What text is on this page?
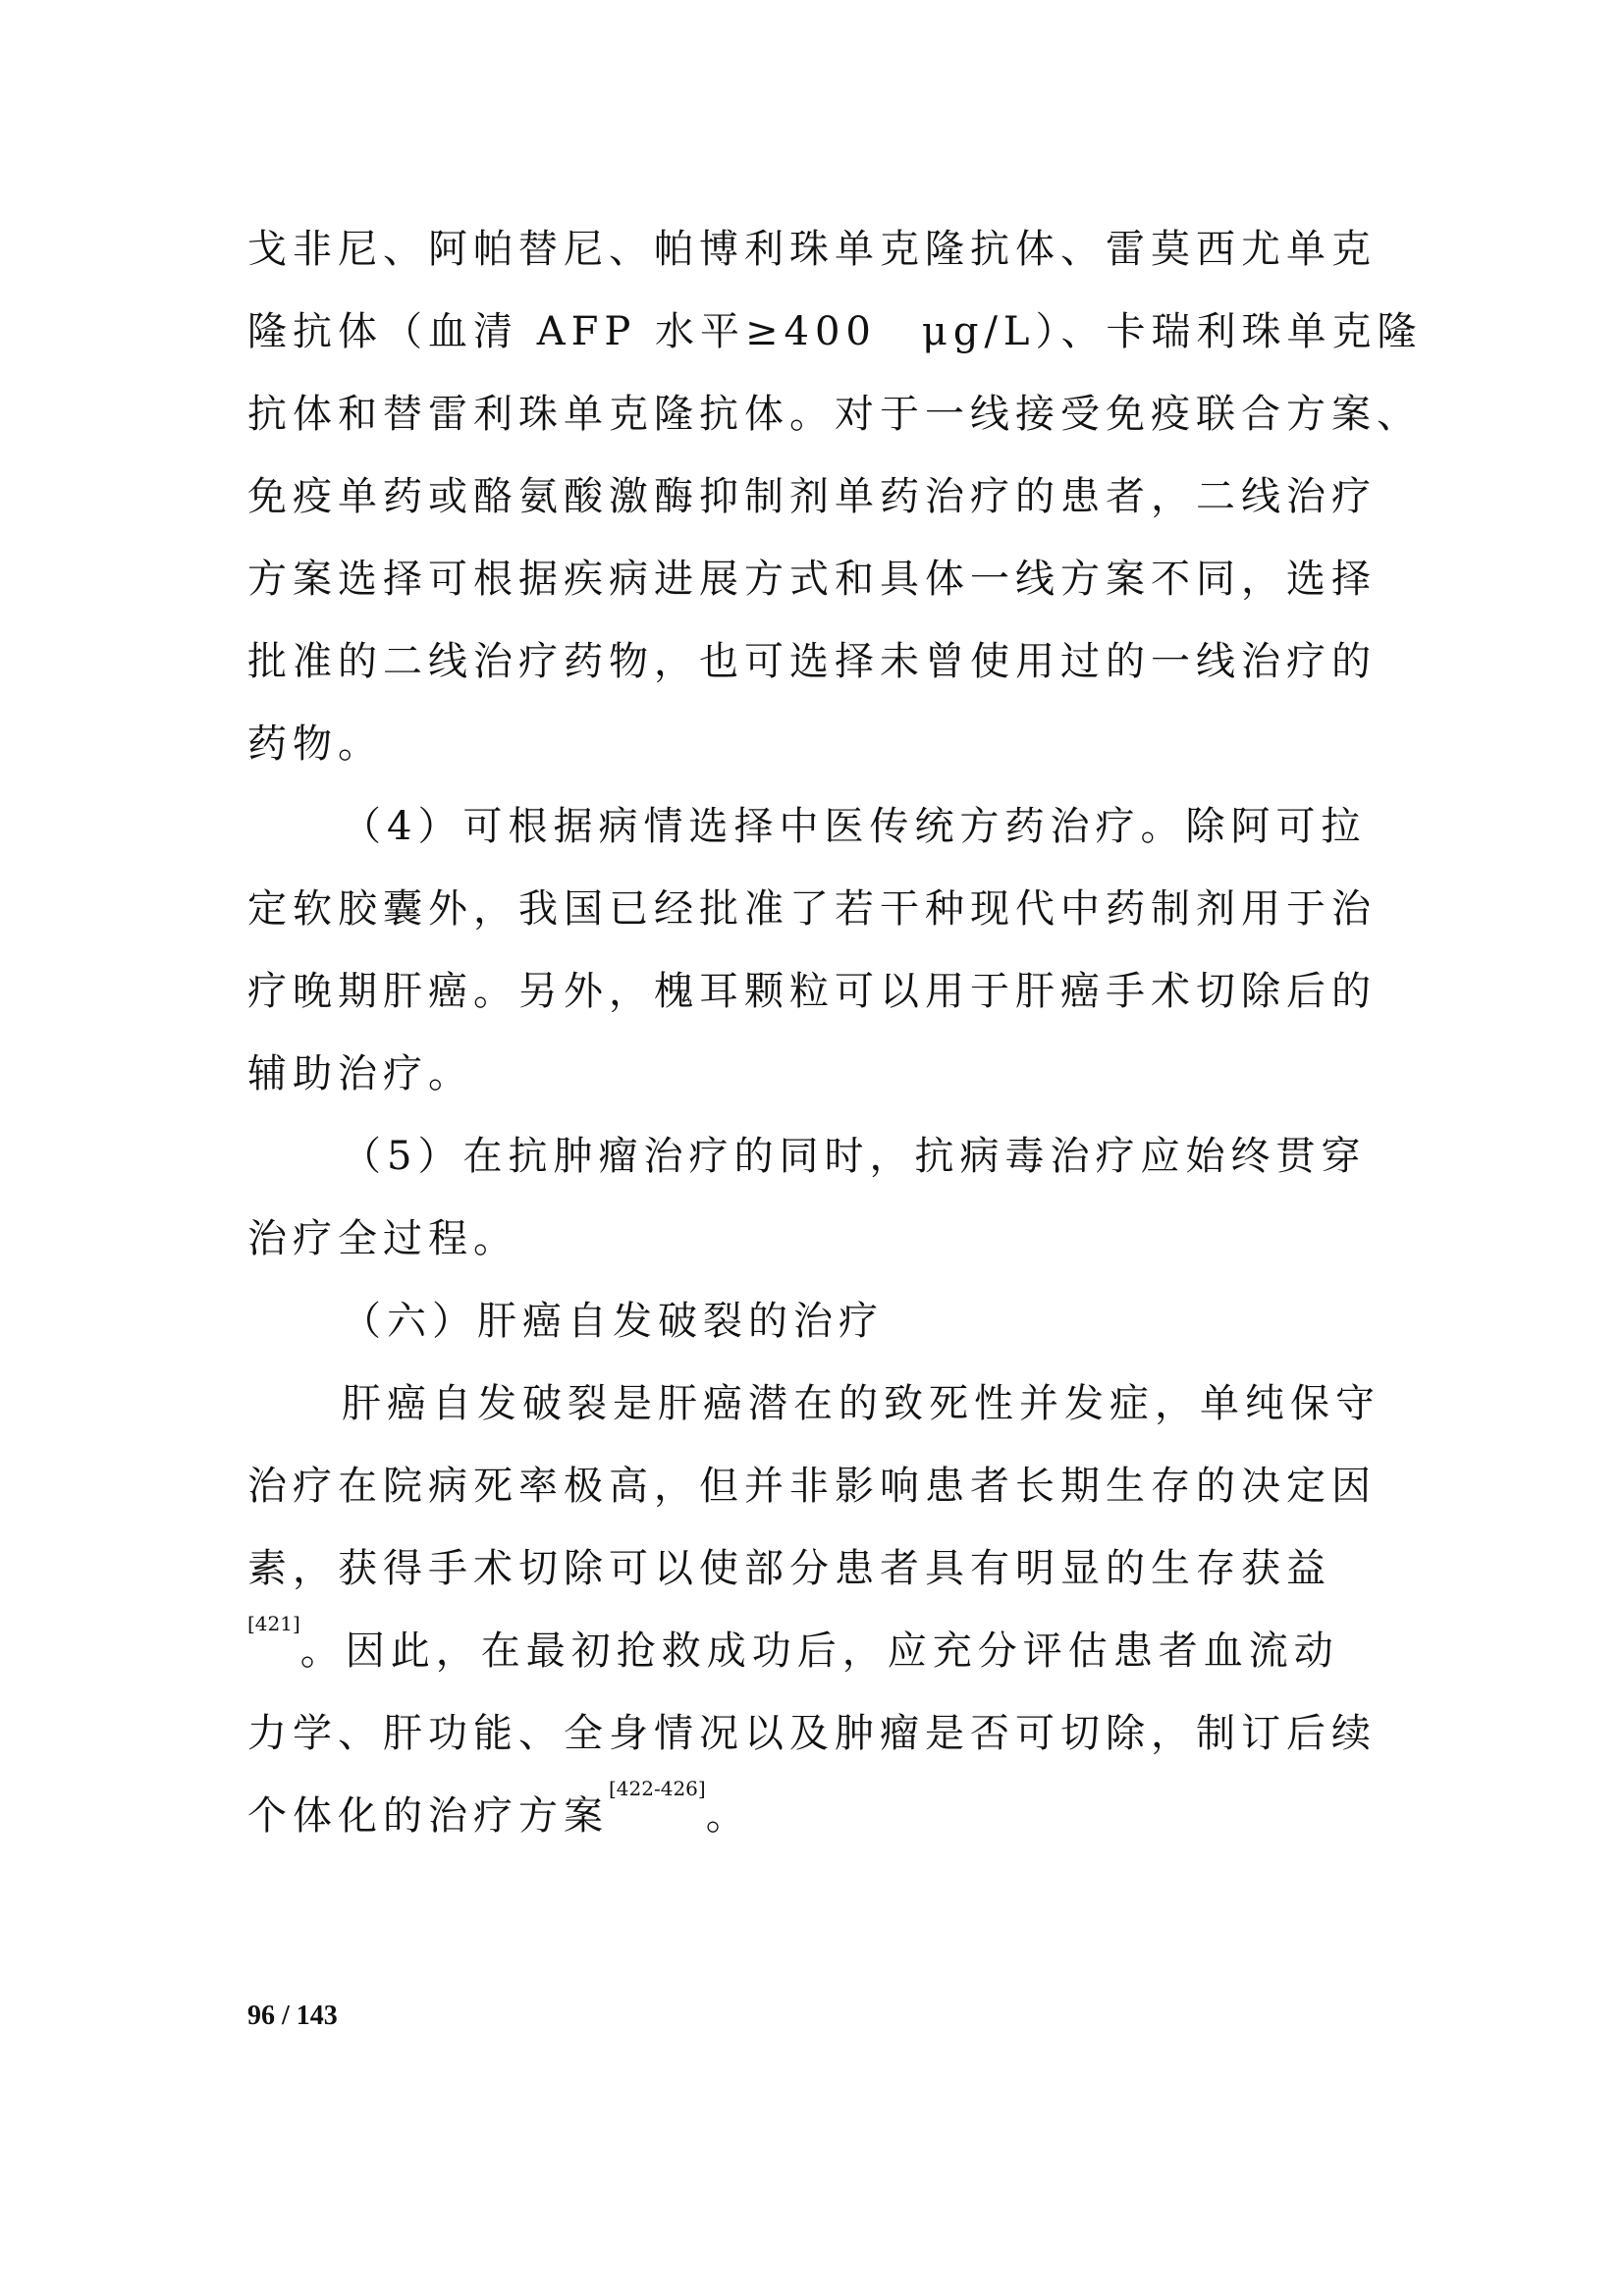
戈非尼、阿帕替尼、帕博利珠单克隆抗体、雷莫西尤单克
隆抗体（血清 AFP 水平≥400　μg/L）、卡瑞利珠单克隆
抗体和替雷利珠单克隆抗体。对于一线接受免疫联合方案、
免疫单药或酪氨酸激酶抑制剂单药治疗的患者，二线治疗
方案选择可根据疾病进展方式和具体一线方案不同，选择
批准的二线治疗药物，也可选择未曾使用过的一线治疗的
药物。
（4）可根据病情选择中医传统方药治疗。除阿可拉
定软胶囊外，我国已经批准了若干种现代中药制剂用于治
疗晚期肝癌。另外，槐耳颗粒可以用于肝癌手术切除后的
辅助治疗。
（5）在抗肿瘤治疗的同时，抗病毒治疗应始终贯穿
治疗全过程。
（六）肝癌自发破裂的治疗
肝癌自发破裂是肝癌潜在的致死性并发症，单纯保守
治疗在院病死率极高，但并非影响患者长期生存的决定因
素，获得手术切除可以使部分患者具有明显的生存获益
[421]。因此，在最初抢救成功后，应充分评估患者血流动
力学、肝功能、全身情况以及肿瘤是否可切除，制订后续
个体化的治疗方案[422-426]。
96 / 143
